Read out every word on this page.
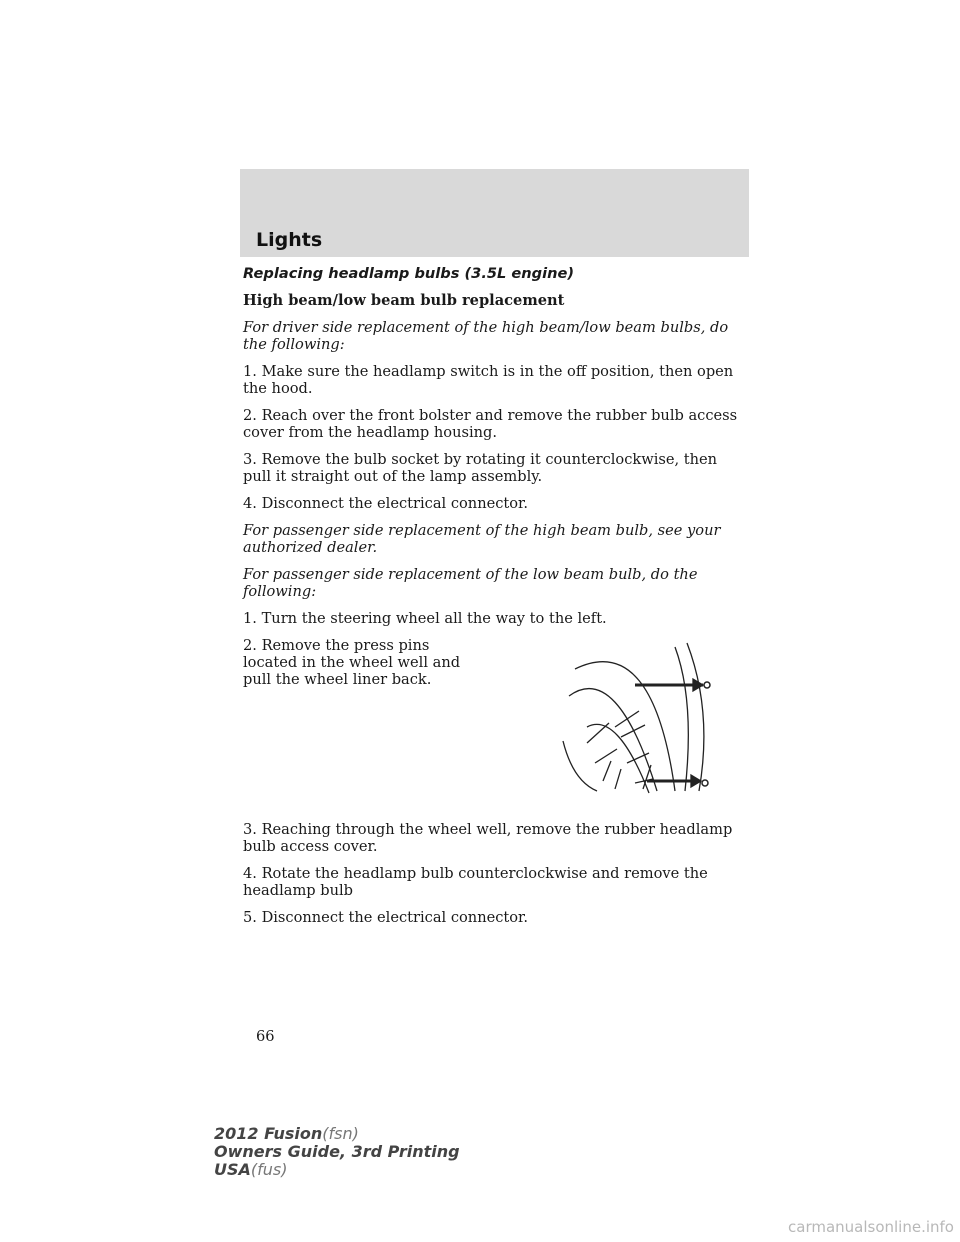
Lights

Replacing headlamp bulbs (3.5L engine)

High beam/low beam bulb replacement

For driver side replacement of the high beam/low beam bulbs, do the following:

1. Make sure the headlamp switch is in the off position, then open the hood.

2. Reach over the front bolster and remove the rubber bulb access cover from the headlamp housing.

3. Remove the bulb socket by rotating it counterclockwise, then pull it straight out of the lamp assembly.

4. Disconnect the electrical connector.

For passenger side replacement of the high beam bulb, see your authorized dealer.

For passenger side replacement of the low beam bulb, do the following:

1. Turn the steering wheel all the way to the left.

2. Remove the press pins located in the wheel well and pull the wheel liner back.

3. Reaching through the wheel well, remove the rubber headlamp bulb access cover.

4. Rotate the headlamp bulb counterclockwise and remove the headlamp bulb

5. Disconnect the electrical connector.

66
2012 Fusion(fsn)
Owners Guide, 3rd Printing
USA(fus)
carmanualsonline.info
